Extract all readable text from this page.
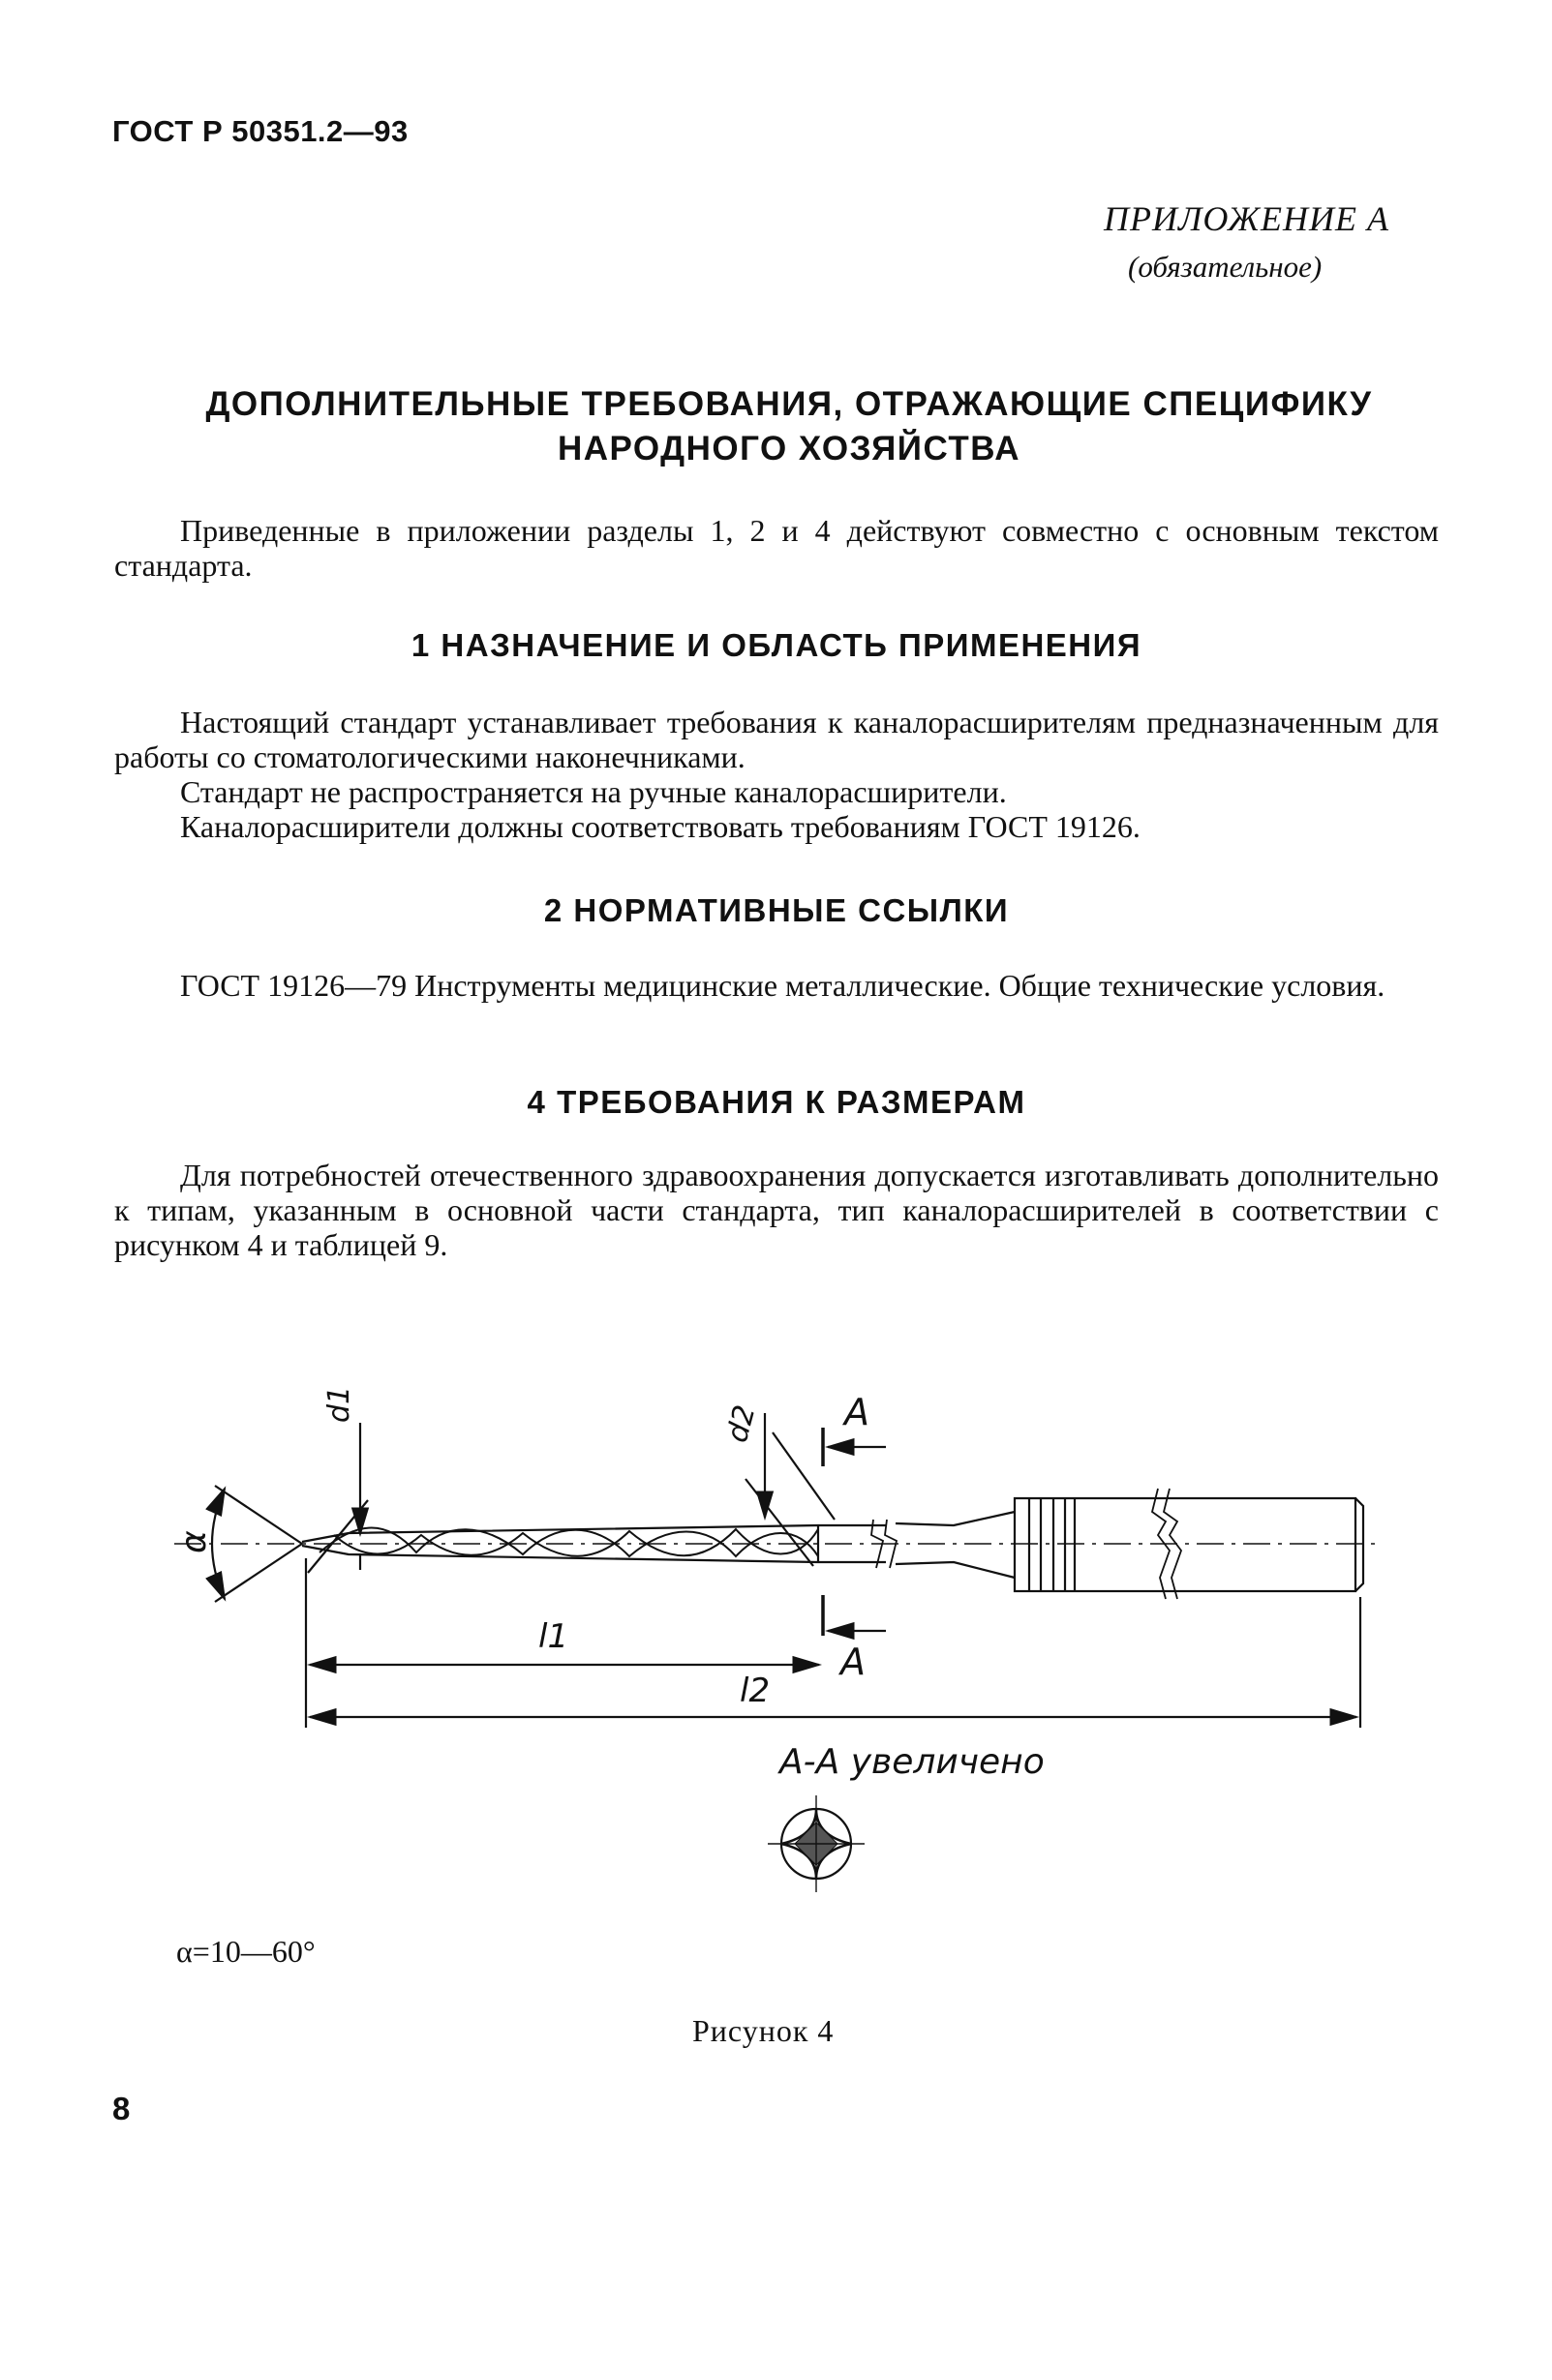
ГОСТ Р 50351.2—93
ПРИЛОЖЕНИЕ А
(обязательное)
ДОПОЛНИТЕЛЬНЫЕ ТРЕБОВАНИЯ, ОТРАЖАЮЩИЕ СПЕЦИФИКУ НАРОДНОГО ХОЗЯЙСТВА
Приведенные в приложении разделы 1, 2 и 4 действуют совместно с основным текстом стандарта.
1 НАЗНАЧЕНИЕ И ОБЛАСТЬ ПРИМЕНЕНИЯ

Настоящий стандарт устанавливает требования к каналорасширителям предназначенным для работы со стоматологическими наконечниками.

Стандарт не распространяется на ручные каналорасширители.

Каналорасширители должны соответствовать требованиям ГОСТ 19126.

2 НОРМАТИВНЫЕ ССЫЛКИ
ГОСТ 19126—79 Инструменты медицинские металлические. Общие технические условия.
4 ТРЕБОВАНИЯ К РАЗМЕРАМ
Для потребностей отечественного здравоохранения допускается изготавливать дополнительно к типам, указанным в основной части стандарта, тип каналорасширителей в соответствии с рисунком 4 и таблицей 9.
α
d1	d2 A
A
l1
l2
A-A увеличено
α=10—60°
Рисунок 4
8
